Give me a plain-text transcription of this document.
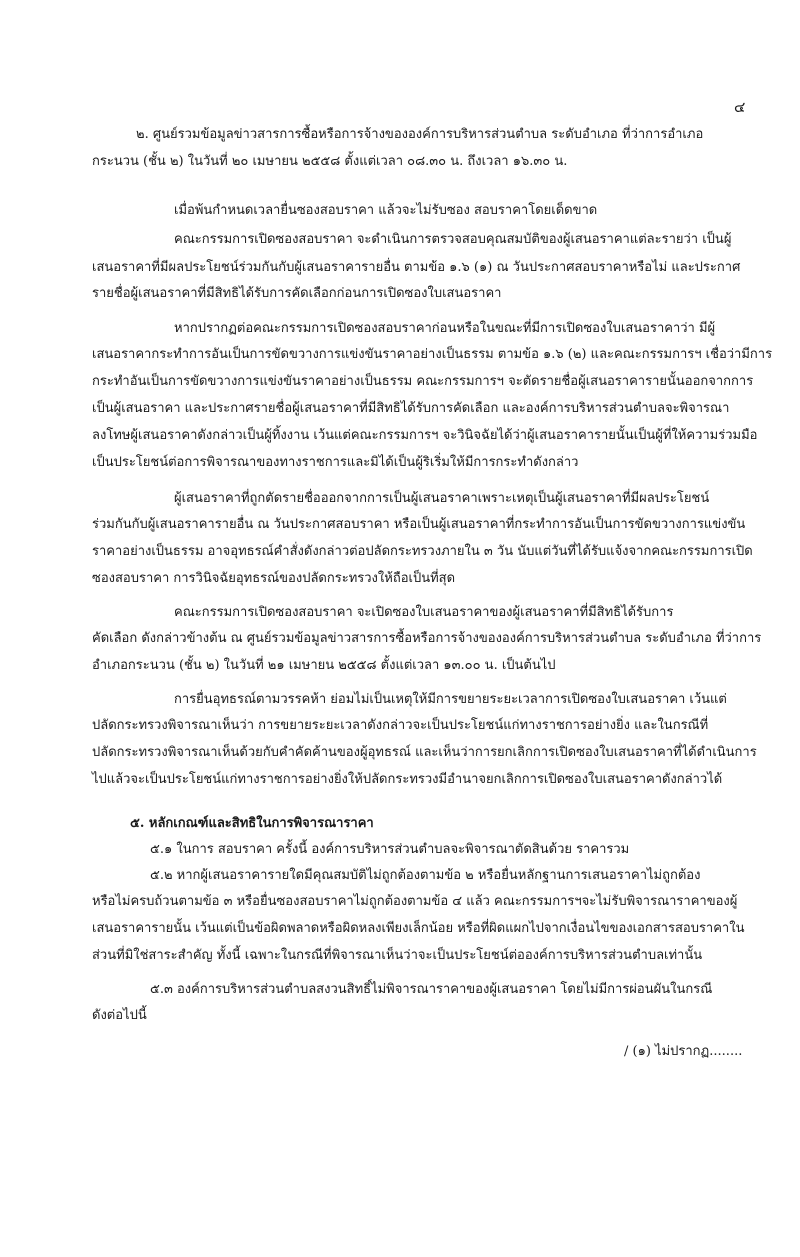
๔
๒. ศูนย์รวมข้อมูลข่าวสารการซื้อหรือการจ้างขององค์การบริหารส่วนตำบล ระดับอำเภอ ที่ว่าการอำเภอ
กระนวน (ชั้น ๒) ในวันที่ ๒๐ เมษายน ๒๕๕๘ ตั้งแต่เวลา ๐๘.๓๐ น. ถึงเวลา ๑๖.๓๐ น.
เมื่อพ้นกำหนดเวลายื่นซองสอบราคา แล้วจะไม่รับซอง สอบราคาโดยเด็ดขาด
คณะกรรมการเปิดซองสอบราคา จะดำเนินการตรวจสอบคุณสมบัติของผู้เสนอราคาแต่ละรายว่า เป็นผู้
เสนอราคาที่มีผลประโยชน์ร่วมกันกับผู้เสนอราคารายอื่น ตามข้อ ๑.๖ (๑) ณ วันประกาศสอบราคาหรือไม่ และประกาศ
รายชื่อผู้เสนอราคาที่มีสิทธิได้รับการคัดเลือกก่อนการเปิดซองใบเสนอราคา
หากปรากฏต่อคณะกรรมการเปิดซองสอบราคาก่อนหรือในขณะที่มีการเปิดซองใบเสนอราคาว่า มีผู้
เสนอราคากระทำการอันเป็นการขัดขวางการแข่งขันราคาอย่างเป็นธรรม ตามข้อ ๑.๖ (๒) และคณะกรรมการฯ เชื่อว่ามีการ
กระทำอันเป็นการขัดขวางการแข่งขันราคาอย่างเป็นธรรม คณะกรรมการฯ จะตัดรายชื่อผู้เสนอราคารายนั้นออกจากการ
เป็นผู้เสนอราคา และประกาศรายชื่อผู้เสนอราคาที่มีสิทธิได้รับการคัดเลือก และองค์การบริหารส่วนตำบลจะพิจารณา
ลงโทษผู้เสนอราคาดังกล่าวเป็นผู้ทิ้งงาน เว้นแต่คณะกรรมการฯ จะวินิจฉัยได้ว่าผู้เสนอราคารายนั้นเป็นผู้ที่ให้ความร่วมมือ
เป็นประโยชน์ต่อการพิจารณาของทางราชการและมิได้เป็นผู้ริเริ่มให้มีการกระทำดังกล่าว
ผู้เสนอราคาที่ถูกตัดรายชื่อออกจากการเป็นผู้เสนอราคาเพราะเหตุเป็นผู้เสนอราคาที่มีผลประโยชน์
ร่วมกันกับผู้เสนอราคารายอื่น ณ วันประกาศสอบราคา หรือเป็นผู้เสนอราคาที่กระทำการอันเป็นการขัดขวางการแข่งขัน
ราคาอย่างเป็นธรรม อาจอุทธรณ์คำสั่งดังกล่าวต่อปลัดกระทรวงภายใน ๓ วัน นับแต่วันที่ได้รับแจ้งจากคณะกรรมการเปิด
ซองสอบราคา การวินิจฉัยอุทธรณ์ของปลัดกระทรวงให้ถือเป็นที่สุด
คณะกรรมการเปิดซองสอบราคา จะเปิดซองใบเสนอราคาของผู้เสนอราคาที่มีสิทธิได้รับการ
คัดเลือก ดังกล่าวข้างต้น ณ ศูนย์รวมข้อมูลข่าวสารการซื้อหรือการจ้างขององค์การบริหารส่วนตำบล ระดับอำเภอ ที่ว่าการ
อำเภอกระนวน (ชั้น ๒) ในวันที่ ๒๑ เมษายน ๒๕๕๘ ตั้งแต่เวลา ๑๓.๐๐ น. เป็นต้นไป
การยื่นอุทธรณ์ตามวรรคห้า ย่อมไม่เป็นเหตุให้มีการขยายระยะเวลาการเปิดซองใบเสนอราคา เว้นแต่
ปลัดกระทรวงพิจารณาเห็นว่า การขยายระยะเวลาดังกล่าวจะเป็นประโยชน์แก่ทางราชการอย่างยิ่ง และในกรณีที่
ปลัดกระทรวงพิจารณาเห็นด้วยกับคำคัดค้านของผู้อุทธรณ์ และเห็นว่าการยกเลิกการเปิดซองใบเสนอราคาที่ได้ดำเนินการ
ไปแล้วจะเป็นประโยชน์แก่ทางราชการอย่างยิ่งให้ปลัดกระทรวงมีอำนาจยกเลิกการเปิดซองใบเสนอราคาดังกล่าวได้
๕. หลักเกณฑ์และสิทธิในการพิจารณาราคา
๕.๑ ในการ สอบราคา ครั้งนี้ องค์การบริหารส่วนตำบลจะพิจารณาตัดสินด้วย ราคารวม
๕.๒ หากผู้เสนอราคารายใดมีคุณสมบัติไม่ถูกต้องตามข้อ ๒ หรือยื่นหลักฐานการเสนอราคาไม่ถูกต้อง
หรือไม่ครบถ้วนตามข้อ ๓ หรือยื่นซองสอบราคาไม่ถูกต้องตามข้อ ๔ แล้ว คณะกรรมการฯจะไม่รับพิจารณาราคาของผู้
เสนอราคารายนั้น เว้นแต่เป็นข้อผิดพลาดหรือผิดหลงเพียงเล็กน้อย หรือที่ผิดแผกไปจากเงื่อนไขของเอกสารสอบราคาใน
ส่วนที่มิใช่สาระสำคัญ ทั้งนี้ เฉพาะในกรณีที่พิจารณาเห็นว่าจะเป็นประโยชน์ต่อองค์การบริหารส่วนตำบลเท่านั้น
๕.๓ องค์การบริหารส่วนตำบลสงวนสิทธิ์ไม่พิจารณาราคาของผู้เสนอราคา โดยไม่มีการผ่อนผันในกรณี
ดังต่อไปนี้
/ (๑) ไม่ปรากฏ........
